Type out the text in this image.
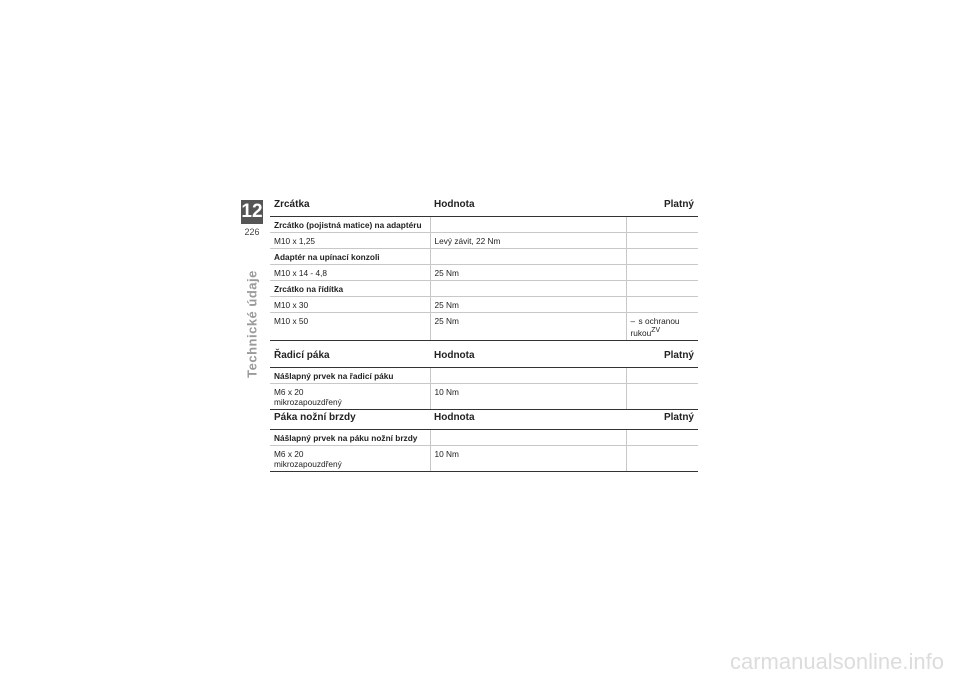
12
226
Technické údaje
Zrcátka	Hodnota	Platný
Zrcátko (pojistná matice) na adaptéru		
M10 x 1,25	Levý závit, 22 Nm	
Adaptér na upínací konzoli		
M10 x 14 - 4,8	25 Nm	
Zrcátko na řídítka		
M10 x 30	25 Nm	
M10 x 50	25 Nm	– s ochranou rukou$^{ZV}$
Řadicí páka	Hodnota	Platný
Nášlapný prvek na řadicí páku		
M6 x 20
mikrozapouzdřený	10 Nm	
Páka nožní brzdy	Hodnota	Platný
Nášlapný prvek na páku nožní brzdy		
M6 x 20
mikrozapouzdřený	10 Nm	
carmanualsonline.info
